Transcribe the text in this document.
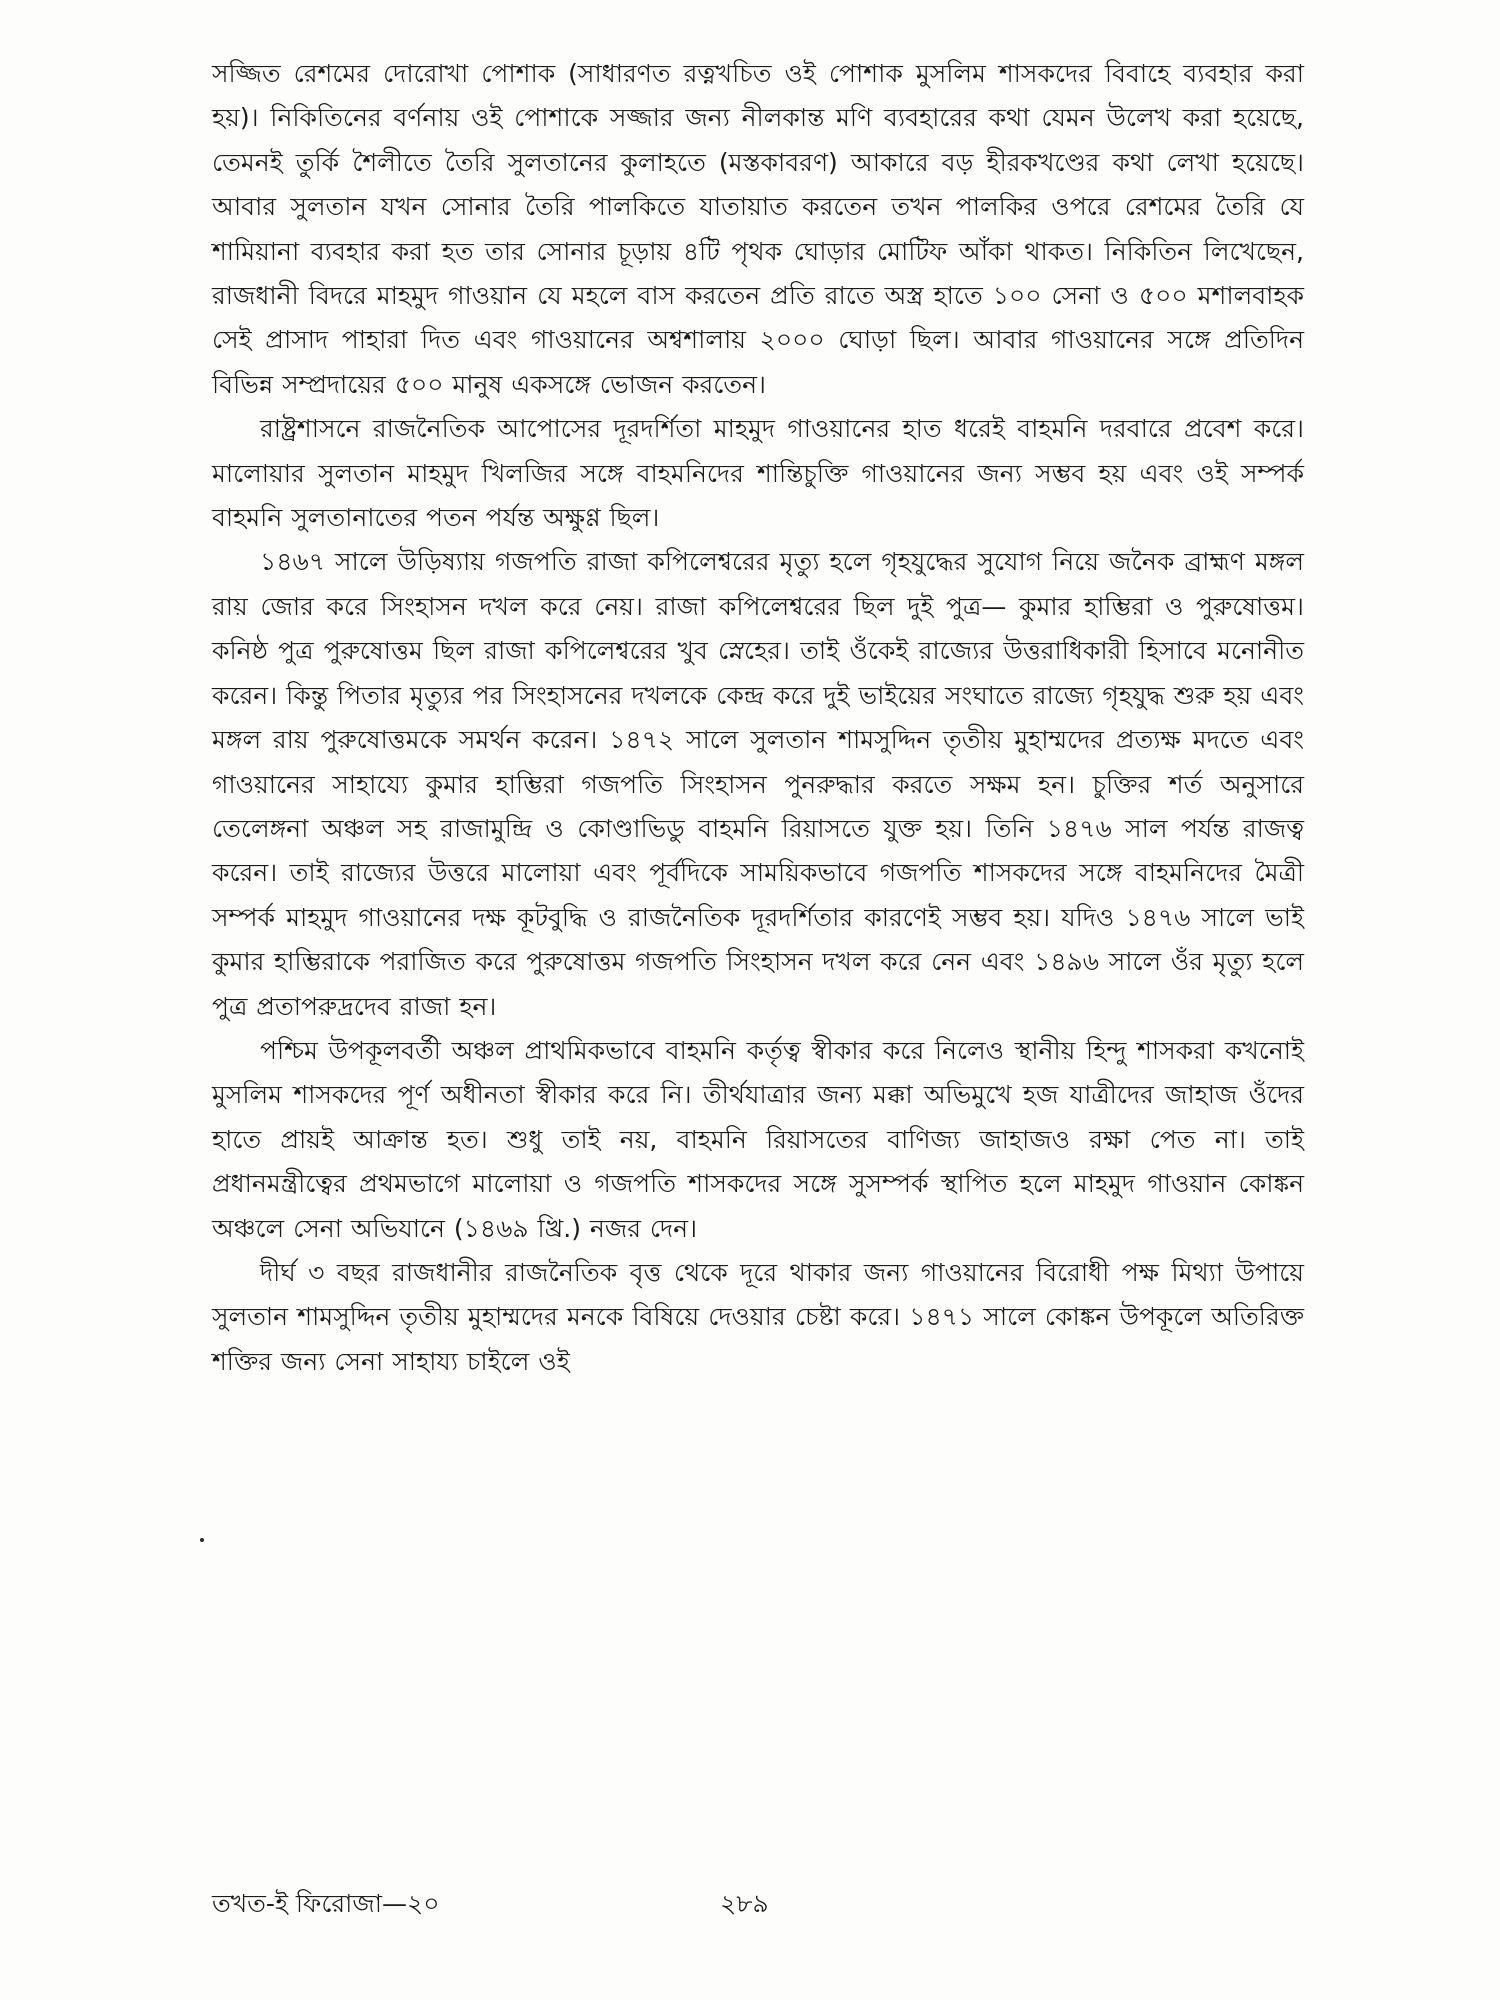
সজ্জিত রেশমের দোরোখা পোশাক (সাধারণত রত্নখচিত ওই পোশাক মুসলিম শাসকদের বিবাহে ব্যবহার করা হয়)। নিকিতিনের বর্ণনায় ওই পোশাকে সজ্জার জন্য নীলকান্ত মণি ব্যবহারের কথা যেমন উলেখ করা হয়েছে, তেমনই তুর্কি শৈলীতে তৈরি সুলতানের কুলাহতে (মস্তকাবরণ) আকারে বড় হীরকখণ্ডের কথা লেখা হয়েছে। আবার সুলতান যখন সোনার তৈরি পালকিতে যাতায়াত করতেন তখন পালকির ওপরে রেশমের তৈরি যে শামিয়ানা ব্যবহার করা হত তার সোনার চূড়ায় ৪টি পৃথক ঘোড়ার মোটিফ আঁকা থাকত। নিকিতিন লিখেছেন, রাজধানী বিদরে মাহমুদ গাওয়ান যে মহলে বাস করতেন প্রতি রাতে অস্ত্র হাতে ১০০ সেনা ও ৫০০ মশালবাহক সেই প্রাসাদ পাহারা দিত এবং গাওয়ানের অশ্বশালায় ২০০০ ঘোড়া ছিল। আবার গাওয়ানের সঙ্গে প্রতিদিন বিভিন্ন সম্প্রদায়ের ৫০০ মানুষ একসঙ্গে ভোজন করতেন।

রাষ্ট্রশাসনে রাজনৈতিক আপোসের দূরদর্শিতা মাহমুদ গাওয়ানের হাত ধরেই বাহমনি দরবারে প্রবেশ করে। মালোয়ার সুলতান মাহমুদ খিলজির সঙ্গে বাহমনিদের শান্তিচুক্তি গাওয়ানের জন্য সম্ভব হয় এবং ওই সম্পর্ক বাহমনি সুলতানাতের পতন পর্যন্ত অক্ষুণ্ণ ছিল।

১৪৬৭ সালে উড়িষ্যায় গজপতি রাজা কপিলেশ্বরের মৃত্যু হলে গৃহযুদ্ধের সুযোগ নিয়ে জনৈক ব্রাহ্মণ মঙ্গল রায় জোর করে সিংহাসন দখল করে নেয়। রাজা কপিলেশ্বরের ছিল দুই পুত্র— কুমার হাম্ভিরা ও পুরুষোত্তম। কনিষ্ঠ পুত্র পুরুষোত্তম ছিল রাজা কপিলেশ্বরের খুব স্নেহের। তাই ওঁকেই রাজ্যের উত্তরাধিকারী হিসাবে মনোনীত করেন। কিন্তু পিতার মৃত্যুর পর সিংহাসনের দখলকে কেন্দ্র করে দুই ভাইয়ের সংঘাতে রাজ্যে গৃহযুদ্ধ শুরু হয় এবং মঙ্গল রায় পুরুষোত্তমকে সমর্থন করেন। ১৪৭২ সালে সুলতান শামসুদ্দিন তৃতীয় মুহাম্মদের প্রত্যক্ষ মদতে এবং গাওয়ানের সাহায্যে কুমার হাম্ভিরা গজপতি সিংহাসন পুনরুদ্ধার করতে সক্ষম হন। চুক্তির শর্ত অনুসারে তেলেঙ্গনা অঞ্চল সহ রাজামুন্দ্রি ও কোণ্ডাভিডু বাহমনি রিয়াসতে যুক্ত হয়। তিনি ১৪৭৬ সাল পর্যন্ত রাজত্ব করেন। তাই রাজ্যের উত্তরে মালোয়া এবং পূর্বদিকে সাময়িকভাবে গজপতি শাসকদের সঙ্গে বাহমনিদের মৈত্রী সম্পর্ক মাহমুদ গাওয়ানের দক্ষ কূটবুদ্ধি ও রাজনৈতিক দূরদর্শিতার কারণেই সম্ভব হয়। যদিও ১৪৭৬ সালে ভাই কুমার হাম্ভিরাকে পরাজিত করে পুরুষোত্তম গজপতি সিংহাসন দখল করে নেন এবং ১৪৯৬ সালে ওঁর মৃত্যু হলে পুত্র প্রতাপরুদ্রদেব রাজা হন।

পশ্চিম উপকূলবর্তী অঞ্চল প্রাথমিকভাবে বাহমনি কর্তৃত্ব স্বীকার করে নিলেও স্থানীয় হিন্দু শাসকরা কখনোই মুসলিম শাসকদের পূর্ণ অধীনতা স্বীকার করে নি। তীর্থযাত্রার জন্য মক্কা অভিমুখে হজ যাত্রীদের জাহাজ ওঁদের হাতে প্রায়ই আক্রান্ত হত। শুধু তাই নয়, বাহমনি রিয়াসতের বাণিজ্য জাহাজও রক্ষা পেত না। তাই প্রধানমন্ত্রীত্বের প্রথমভাগে মালোয়া ও গজপতি শাসকদের সঙ্গে সুসম্পর্ক স্থাপিত হলে মাহমুদ গাওয়ান কোঙ্কন অঞ্চলে সেনা অভিযানে (১৪৬৯ খ্রি.) নজর দেন।

দীর্ঘ ৩ বছর রাজধানীর রাজনৈতিক বৃত্ত থেকে দূরে থাকার জন্য গাওয়ানের বিরোধী পক্ষ মিথ্যা উপায়ে সুলতান শামসুদ্দিন তৃতীয় মুহাম্মদের মনকে বিষিয়ে দেওয়ার চেষ্টা করে। ১৪৭১ সালে কোঙ্কন উপকূলে অতিরিক্ত শক্তির জন্য সেনা সাহায্য চাইলে ওই

তখত-ই ফিরোজা—২০	২৮৯
